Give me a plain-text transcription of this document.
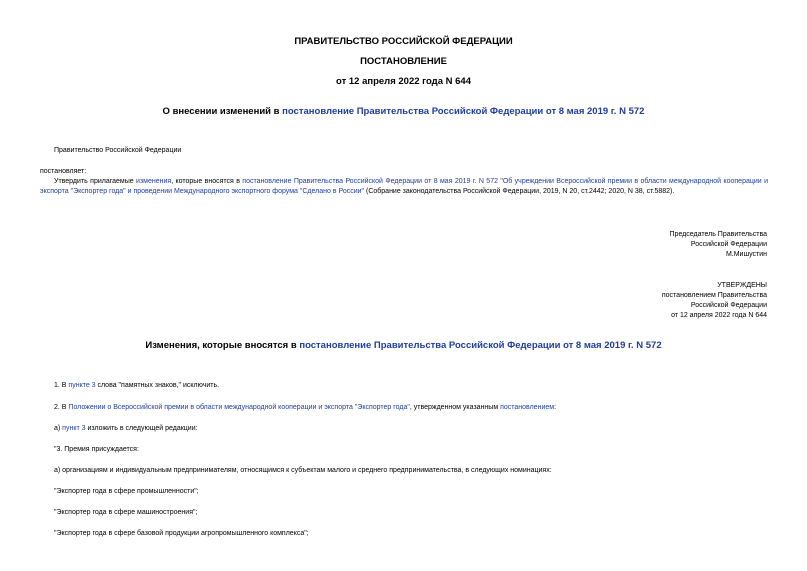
ПРАВИТЕЛЬСТВО РОССИЙСКОЙ ФЕДЕРАЦИИ
ПОСТАНОВЛЕНИЕ
от 12 апреля 2022 года N 644
О внесении изменений в постановление Правительства Российской Федерации от 8 мая 2019 г. N 572
Правительство Российской Федерации
постановляет:
Утвердить прилагаемые изменения, которые вносятся в постановление Правительства Российской Федерации от 8 мая 2019 г. N 572 "Об учреждении Всероссийской премии в области международной кооперации и экспорта "Экспортер года" и проведении Международного экспортного форума "Сделано в России" (Собрание законодательства Российской Федерации, 2019, N 20, ст.2442; 2020, N 38, ст.5882).
Председатель Правительства
Российской Федерации
М.Мишустин
УТВЕРЖДЕНЫ
постановлением Правительства
Российской Федерации
от 12 апреля 2022 года N 644
Изменения, которые вносятся в постановление Правительства Российской Федерации от 8 мая 2019 г. N 572
1. В пункте 3 слова "памятных знаков," исключить.
2. В Положении о Всероссийской премии в области международной кооперации и экспорта "Экспортер года", утвержденном указанным постановлением:
а) пункт 3 изложить в следующей редакции:
"3. Премия присуждается:
а) организациям и индивидуальным предпринимателям, относящимся к субъектам малого и среднего предпринимательства, в следующих номинациях:
"Экспортер года в сфере промышленности";
"Экспортер года в сфере машиностроения";
"Экспортер года в сфере базовой продукции агропромышленного комплекса";
